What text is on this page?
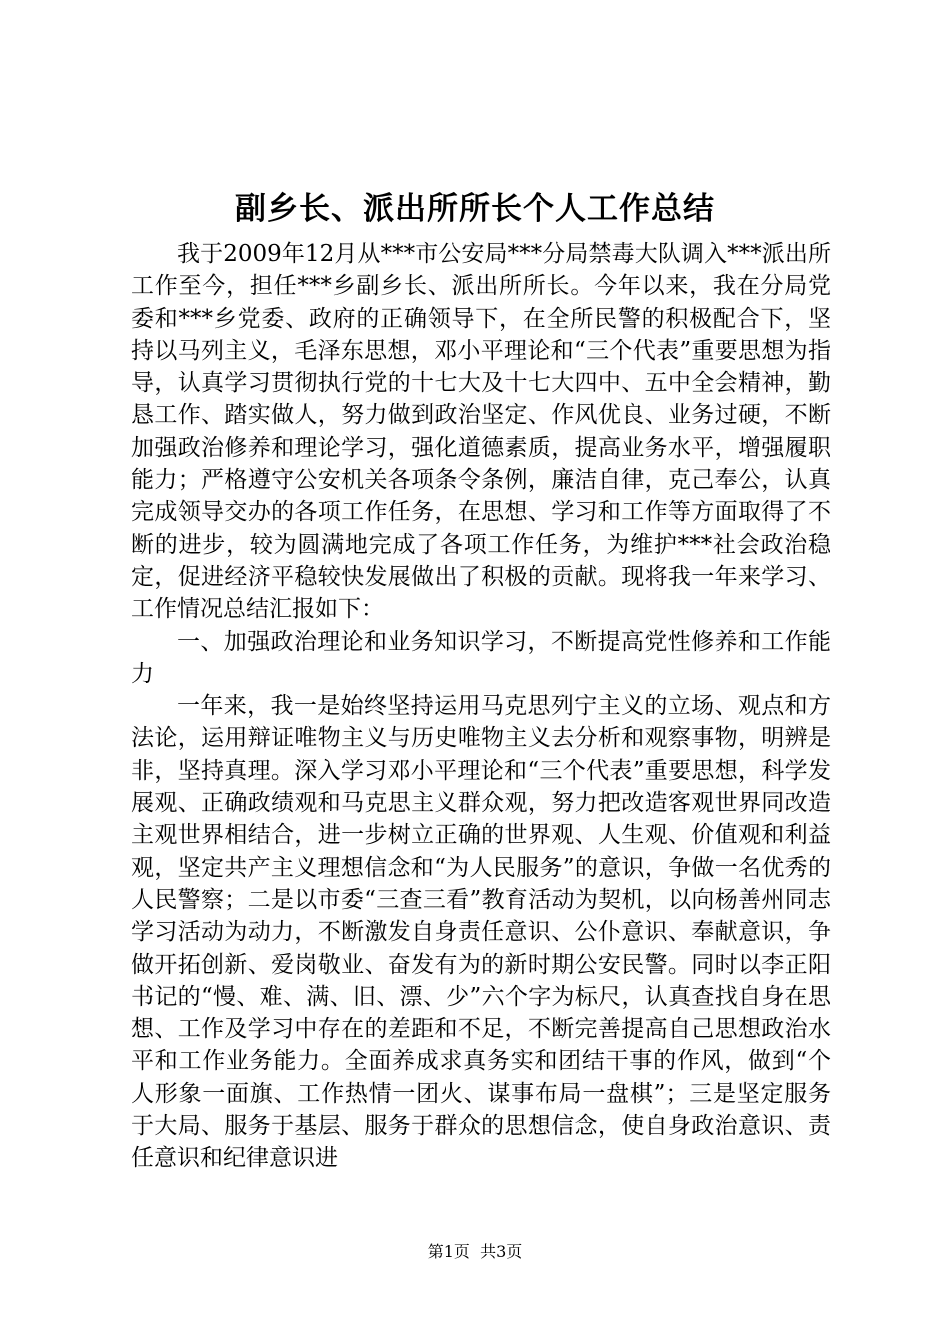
副乡长、派出所所长个人工作总结

我于2009年12月从***市公安局***分局禁毒大队调入***派出所工作至今，担任***乡副乡长、派出所所长。今年以来，我在分局党委和***乡党委、政府的正确领导下，在全所民警的积极配合下，坚持以马列主义，毛泽东思想，邓小平理论和“三个代表”重要思想为指导，认真学习贯彻执行党的十七大及十七大四中、五中全会精神，勤恳工作、踏实做人，努力做到政治坚定、作风优良、业务过硬，不断加强政治修养和理论学习，强化道德素质，提高业务水平，增强履职能力；严格遵守公安机关各项条令条例，廉洁自律，克己奉公，认真完成领导交办的各项工作任务，在思想、学习和工作等方面取得了不断的进步，较为圆满地完成了各项工作任务，为维护***社会政治稳定，促进经济平稳较快发展做出了积极的贡献。现将我一年来学习、工作情况总结汇报如下：

一、加强政治理论和业务知识学习，不断提高党性修养和工作能力

一年来，我一是始终坚持运用马克思列宁主义的立场、观点和方法论，运用辩证唯物主义与历史唯物主义去分析和观察事物，明辨是非，坚持真理。深入学习邓小平理论和“三个代表”重要思想，科学发展观、正确政绩观和马克思主义群众观，努力把改造客观世界同改造主观世界相结合，进一步树立正确的世界观、人生观、价值观和利益观，坚定共产主义理想信念和“为人民服务”的意识，争做一名优秀的人民警察；二是以市委“三查三看”教育活动为契机，以向杨善州同志学习活动为动力，不断激发自身责任意识、公仆意识、奉献意识，争做开拓创新、爱岗敬业、奋发有为的新时期公安民警。同时以李正阳书记的“慢、难、满、旧、漂、少”六个字为标尺，认真查找自身在思想、工作及学习中存在的差距和不足，不断完善提高自己思想政治水平和工作业务能力。全面养成求真务实和团结干事的作风，做到“个人形象一面旗、工作热情一团火、谋事布局一盘棋”；三是坚定服务于大局、服务于基层、服务于群众的思想信念，使自身政治意识、责任意识和纪律意识进

第1页 共3页
